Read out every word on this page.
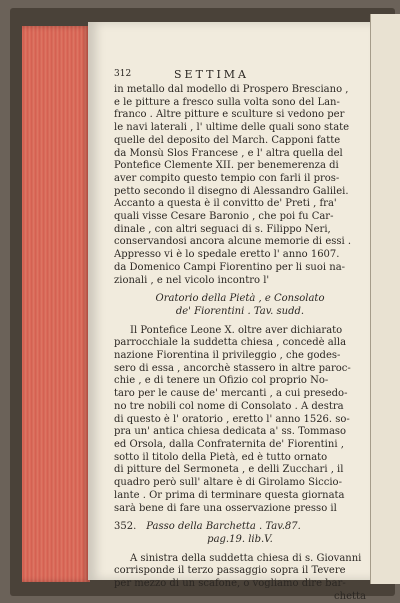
312	SETTIMA
in metallo dal modello di Prospero Bresciano ,
e le pitture a fresco sulla volta sono del Lan-
franco . Altre pitture e sculture si vedono per
le navi laterali , l' ultime delle quali sono state
quelle del deposito del March. Capponi fatte
da Monsù Slos Francese , e l' altra quella del
Pontefice Clemente XII. per benemerenza di
aver compito questo tempio con farli il pros-
petto secondo il disegno di Alessandro Galilei.
Accanto a questa è il convitto de' Preti , fra'
quali visse Cesare Baronio , che poi fu Car-
dinale , con altri seguaci di s. Filippo Neri,
conservandosi ancora alcune memorie di essi .
Appresso vi è lo spedale eretto l' anno 1607.
da Domenico Campi Fiorentino per li suoi na-
zionali , e nel vicolo incontro l'
Oratorio della Pietà , e Consolato
de' Fiorentini . Tav. sudd.
Il Pontefice Leone X. oltre aver dichiarato
parrocchiale la suddetta chiesa , concedè alla
nazione Fiorentina il privileggio , che godes-
sero di essa , ancorchè stassero in altre paroc-
chie , e di tenere un Ofizio col proprio No-
taro per le cause de' mercanti , a cui presedo-
no tre nobili col nome di Consolato . A destra
di questo è l' oratorio , eretto l' anno 1526. so-
pra un' antica chiesa dedicata a' ss. Tommaso
ed Orsola, dalla Confraternita de' Fiorentini ,
sotto il titolo della Pietà, ed è tutto ornato
di pitture del Sermoneta , e delli Zucchari , il
quadro però sull' altare è di Girolamo Siccio-
lante . Or prima di terminare questa giornata
sarà bene di fare una osservazione presso il
352. Passo della Barchetta . Tav.87.
pag.19. lib.V.
A sinistra della suddetta chiesa di s. Giovanni
corrisponde il terzo passaggio sopra il Tevere
per mezzo di un scafone, o vogliamo dire bar-
chetta
